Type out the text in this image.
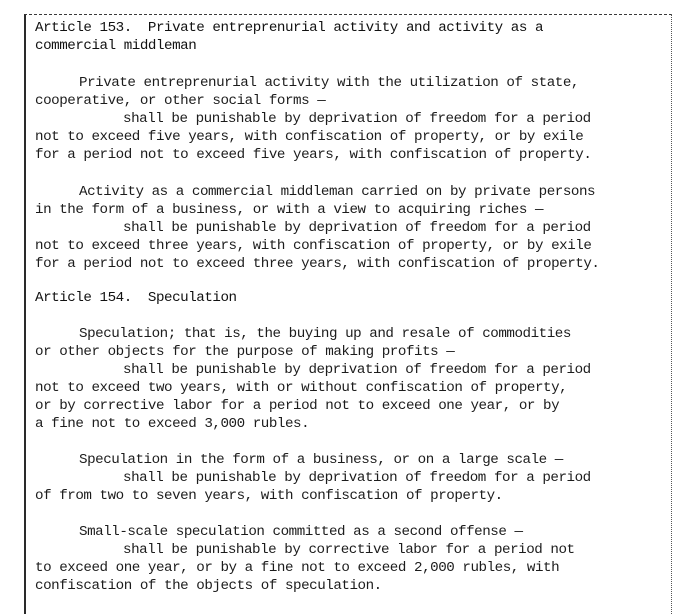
Article 153.  Private entreprenurial activity and activity as a
commercial middleman
Private entreprenurial activity with the utilization of state,
cooperative, or other social forms —
shall be punishable by deprivation of freedom for a period
not to exceed five years, with confiscation of property, or by exile
for a period not to exceed five years, with confiscation of property.
Activity as a commercial middleman carried on by private persons
in the form of a business, or with a view to acquiring riches —
shall be punishable by deprivation of freedom for a period
not to exceed three years, with confiscation of property, or by exile
for a period not to exceed three years, with confiscation of property.
Article 154.  Speculation
Speculation; that is, the buying up and resale of commodities
or other objects for the purpose of making profits —
shall be punishable by deprivation of freedom for a period
not to exceed two years, with or without confiscation of property,
or by corrective labor for a period not to exceed one year, or by
a fine not to exceed 3,000 rubles.
Speculation in the form of a business, or on a large scale —
shall be punishable by deprivation of freedom for a period
of from two to seven years, with confiscation of property.
Small-scale speculation committed as a second offense —
shall be punishable by corrective labor for a period not
to exceed one year, or by a fine not to exceed 2,000 rubles, with
confiscation of the objects of speculation.
